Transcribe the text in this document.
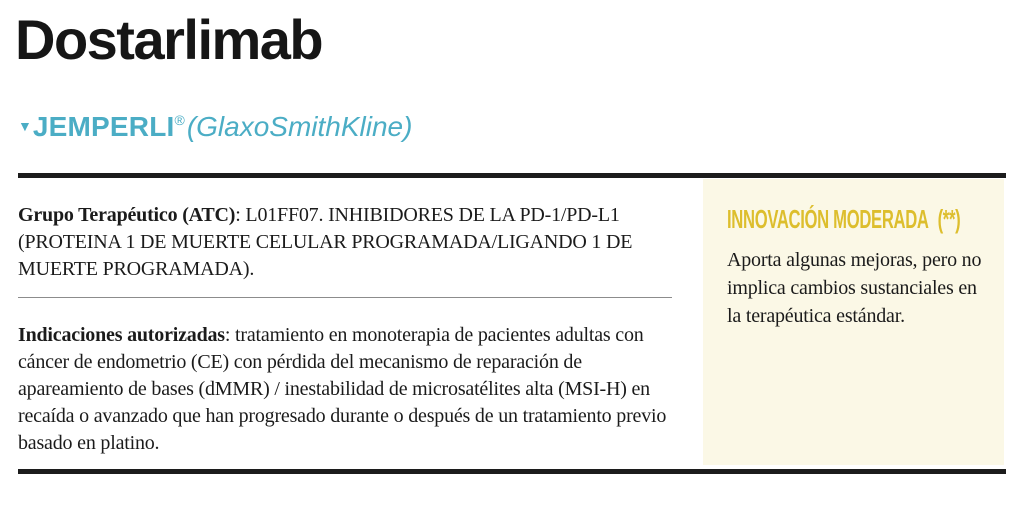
Dostarlimab
▼JEMPERLI®(GlaxoSmithKline)

Grupo Terapéutico (ATC): L01FF07. INHIBIDORES DE LA PD-1/PD-L1 (PROTEINA 1 DE MUERTE CELULAR PROGRAMADA/LIGANDO 1 DE MUERTE PROGRAMADA).

Indicaciones autorizadas: tratamiento en monoterapia de pacientes adultas con cáncer de endometrio (CE) con pérdida del mecanismo de reparación de apareamiento de bases (dMMR) / inestabilidad de microsatélites alta (MSI-H) en recaída o avanzado que han progresado durante o después de un tratamiento previo basado en platino.

INNOVACIÓN MODERADA (**)

Aporta algunas mejoras, pero no implica cambios sustanciales en la terapéutica estándar.
